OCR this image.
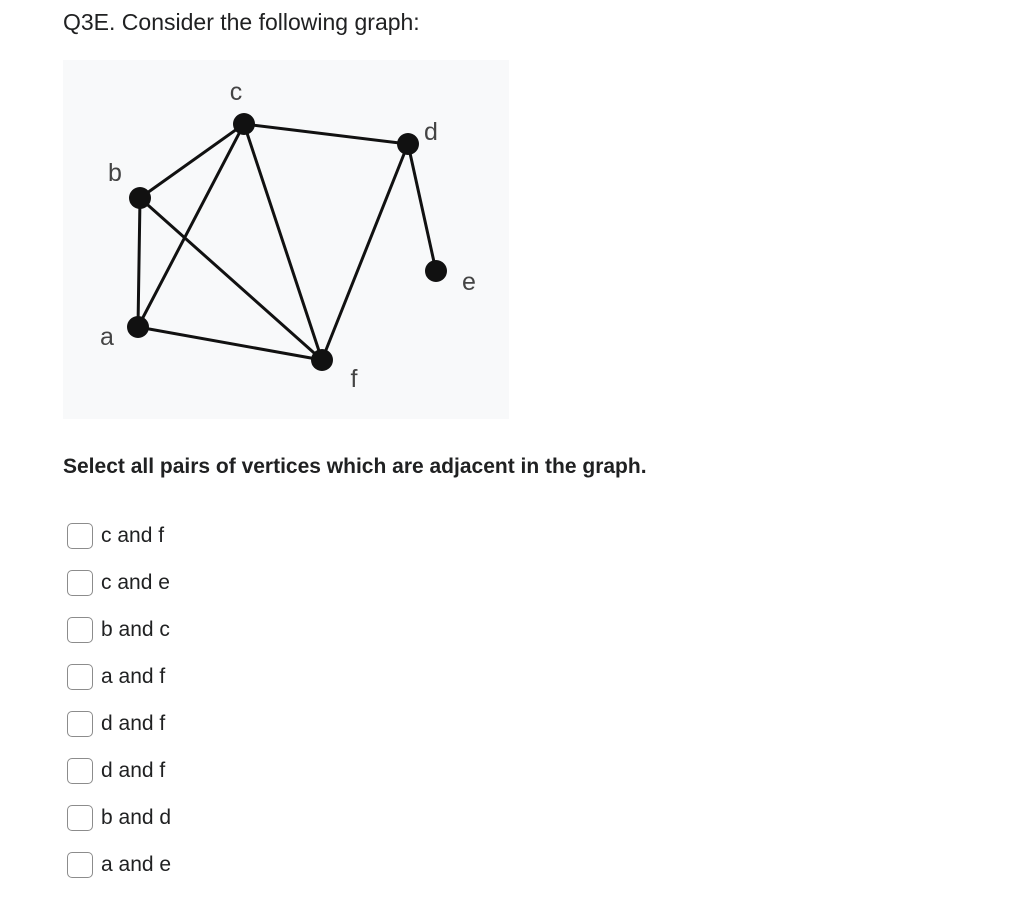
Q3E. Consider the following graph:
a
b
c
d
e
f
Select all pairs of vertices which are adjacent in the graph.
c and f
c and e
b and c
a and f
d and f
d and f
b and d
a and e
